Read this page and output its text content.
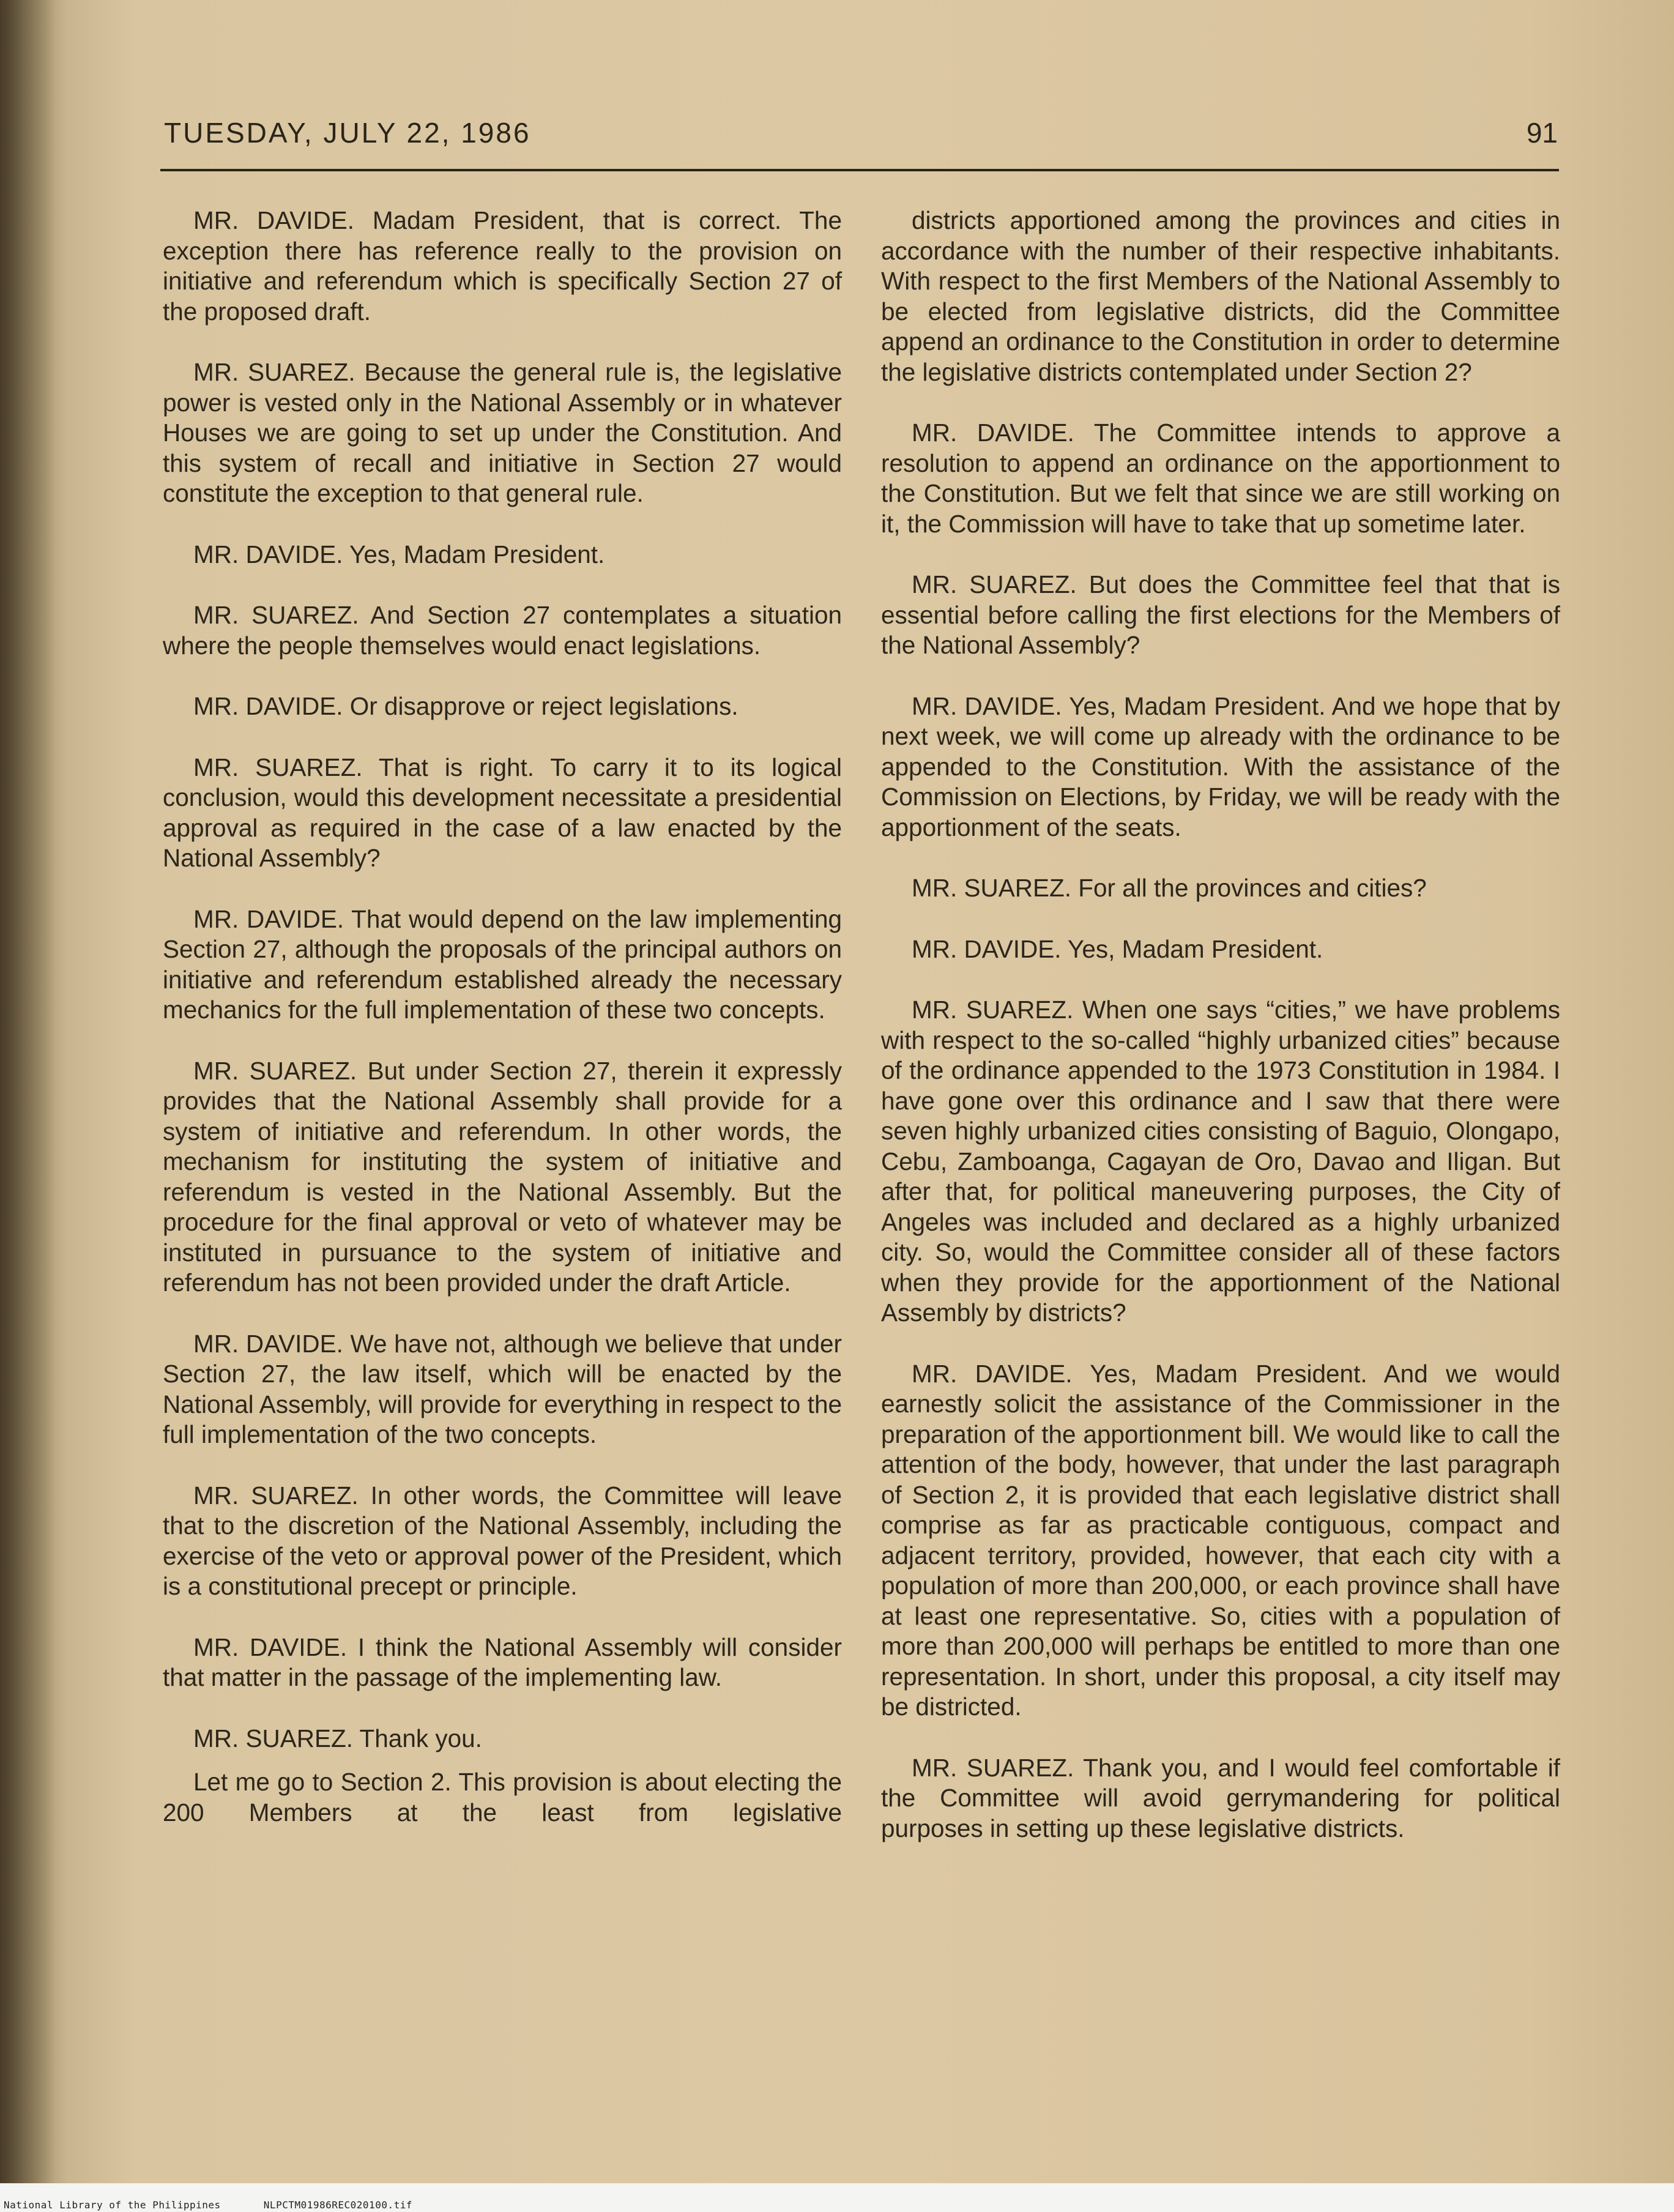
TUESDAY, JULY 22, 1986	91

MR. DAVIDE. Madam President, that is correct. The exception there has reference really to the provision on initiative and referendum which is specifically Section 27 of the proposed draft.

MR. SUAREZ. Because the general rule is, the legislative power is vested only in the National Assembly or in whatever Houses we are going to set up under the Constitution. And this system of recall and initiative in Section 27 would constitute the exception to that general rule.

MR. DAVIDE. Yes, Madam President.

MR. SUAREZ. And Section 27 contemplates a situation where the people themselves would enact legislations.

MR. DAVIDE. Or disapprove or reject legislations.

MR. SUAREZ. That is right. To carry it to its logical conclusion, would this development necessitate a presidential approval as required in the case of a law enacted by the National Assembly?

MR. DAVIDE. That would depend on the law implementing Section 27, although the proposals of the principal authors on initiative and referendum established already the necessary mechanics for the full implementation of these two concepts.

MR. SUAREZ. But under Section 27, therein it expressly provides that the National Assembly shall provide for a system of initiative and referendum. In other words, the mechanism for instituting the system of initiative and referendum is vested in the National Assembly. But the procedure for the final approval or veto of whatever may be instituted in pursuance to the system of initiative and referendum has not been provided under the draft Article.

MR. DAVIDE. We have not, although we believe that under Section 27, the law itself, which will be enacted by the National Assembly, will provide for everything in respect to the full implementation of the two concepts.

MR. SUAREZ. In other words, the Committee will leave that to the discretion of the National Assembly, including the exercise of the veto or approval power of the President, which is a constitutional precept or principle.

MR. DAVIDE. I think the National Assembly will consider that matter in the passage of the implementing law.

MR. SUAREZ. Thank you.

Let me go to Section 2. This provision is about electing the 200 Members at the least from legislative

districts apportioned among the provinces and cities in accordance with the number of their respective inhabitants. With respect to the first Members of the National Assembly to be elected from legislative districts, did the Committee append an ordinance to the Constitution in order to determine the legislative districts contemplated under Section 2?

MR. DAVIDE. The Committee intends to approve a resolution to append an ordinance on the apportionment to the Constitution. But we felt that since we are still working on it, the Commission will have to take that up sometime later.

MR. SUAREZ. But does the Committee feel that that is essential before calling the first elections for the Members of the National Assembly?

MR. DAVIDE. Yes, Madam President. And we hope that by next week, we will come up already with the ordinance to be appended to the Constitution. With the assistance of the Commission on Elections, by Friday, we will be ready with the apportionment of the seats.

MR. SUAREZ. For all the provinces and cities?

MR. DAVIDE. Yes, Madam President.

MR. SUAREZ. When one says “cities,” we have problems with respect to the so-called “highly urbanized cities” because of the ordinance appended to the 1973 Constitution in 1984. I have gone over this ordinance and I saw that there were seven highly urbanized cities consisting of Baguio, Olongapo, Cebu, Zamboanga, Cagayan de Oro, Davao and Iligan. But after that, for political maneuvering purposes, the City of Angeles was included and declared as a highly urbanized city. So, would the Committee consider all of these factors when they provide for the apportionment of the National Assembly by districts?

MR. DAVIDE. Yes, Madam President. And we would earnestly solicit the assistance of the Commissioner in the preparation of the apportionment bill. We would like to call the attention of the body, however, that under the last paragraph of Section 2, it is provided that each legislative district shall comprise as far as practicable contiguous, compact and adjacent territory, provided, however, that each city with a population of more than 200,000, or each province shall have at least one representative. So, cities with a population of more than 200,000 will perhaps be entitled to more than one representation. In short, under this proposal, a city itself may be districted.

MR. SUAREZ. Thank you, and I would feel comfortable if the Committee will avoid gerrymandering for political purposes in setting up these legislative districts.

National Library of the Philippines	NLPCTM01986REC020100.tif
